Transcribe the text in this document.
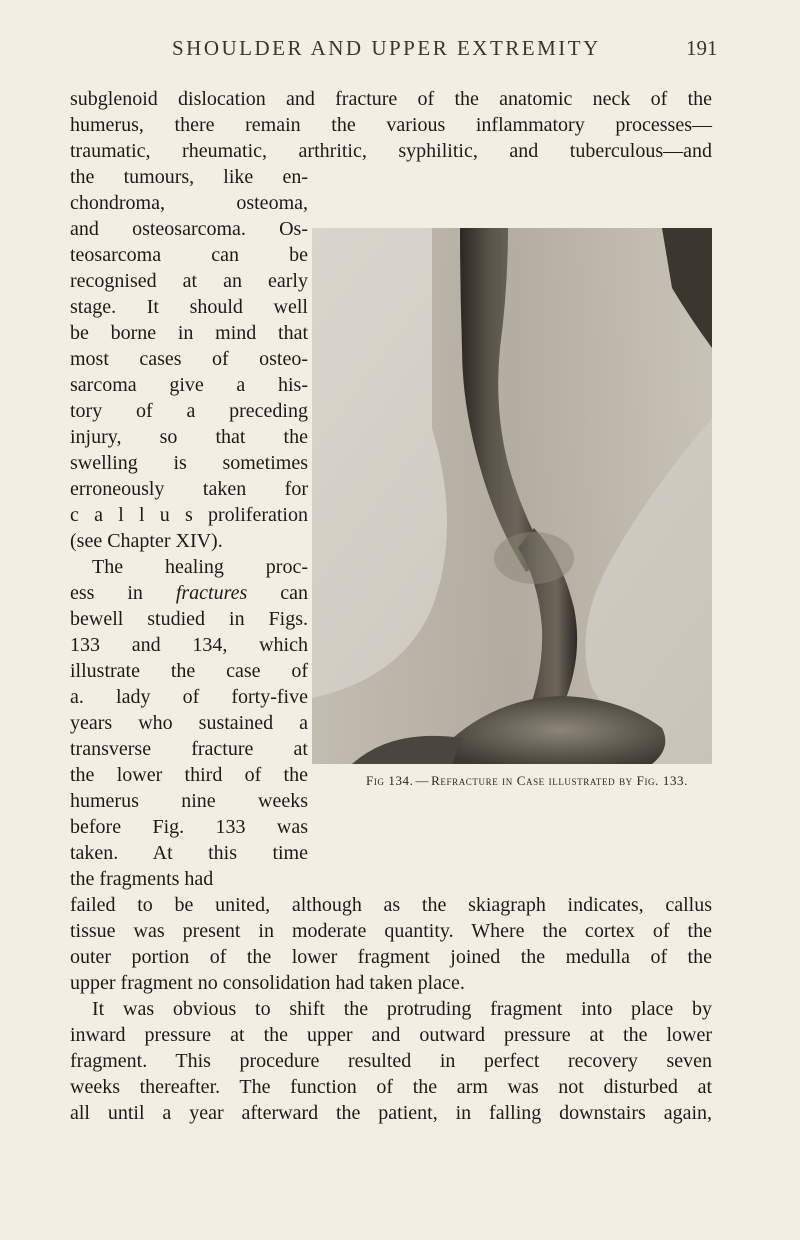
SHOULDER AND UPPER EXTREMITY	191
subglenoid dislocation and fracture of the anatomic neck of the
humerus, there remain the various inflammatory processes—
traumatic, rheumatic, arthritic, syphilitic, and tuberculous—and
the tumours, like en-
chondroma, osteoma,
and osteosarcoma. Os-
teosarcoma can be
recognised at an early
stage. It should well
be borne in mind that
most cases of osteo-
sarcoma give a his-
tory of a preceding
injury, so that the
swelling is sometimes
erroneously taken for
c a l l u s proliferation
(see Chapter XIV).
The healing proc-
ess in fractures can
bewell studied in Figs.
133 and 134, which
illustrate the case of
a. lady of forty-five
years who sustained a
transverse fracture at
the lower third of the
humerus nine weeks
before Fig. 133 was
taken. At this time
the fragments had
Fig 134. — Refracture in Case illustrated by Fig. 133.
failed to be united, although as the skiagraph indicates, callus
tissue was present in moderate quantity. Where the cortex of the
outer portion of the lower fragment joined the medulla of the
upper fragment no consolidation had taken place.
It was obvious to shift the protruding fragment into place by
inward pressure at the upper and outward pressure at the lower
fragment. This procedure resulted in perfect recovery seven
weeks thereafter. The function of the arm was not disturbed at
all until a year afterward the patient, in falling downstairs again,
